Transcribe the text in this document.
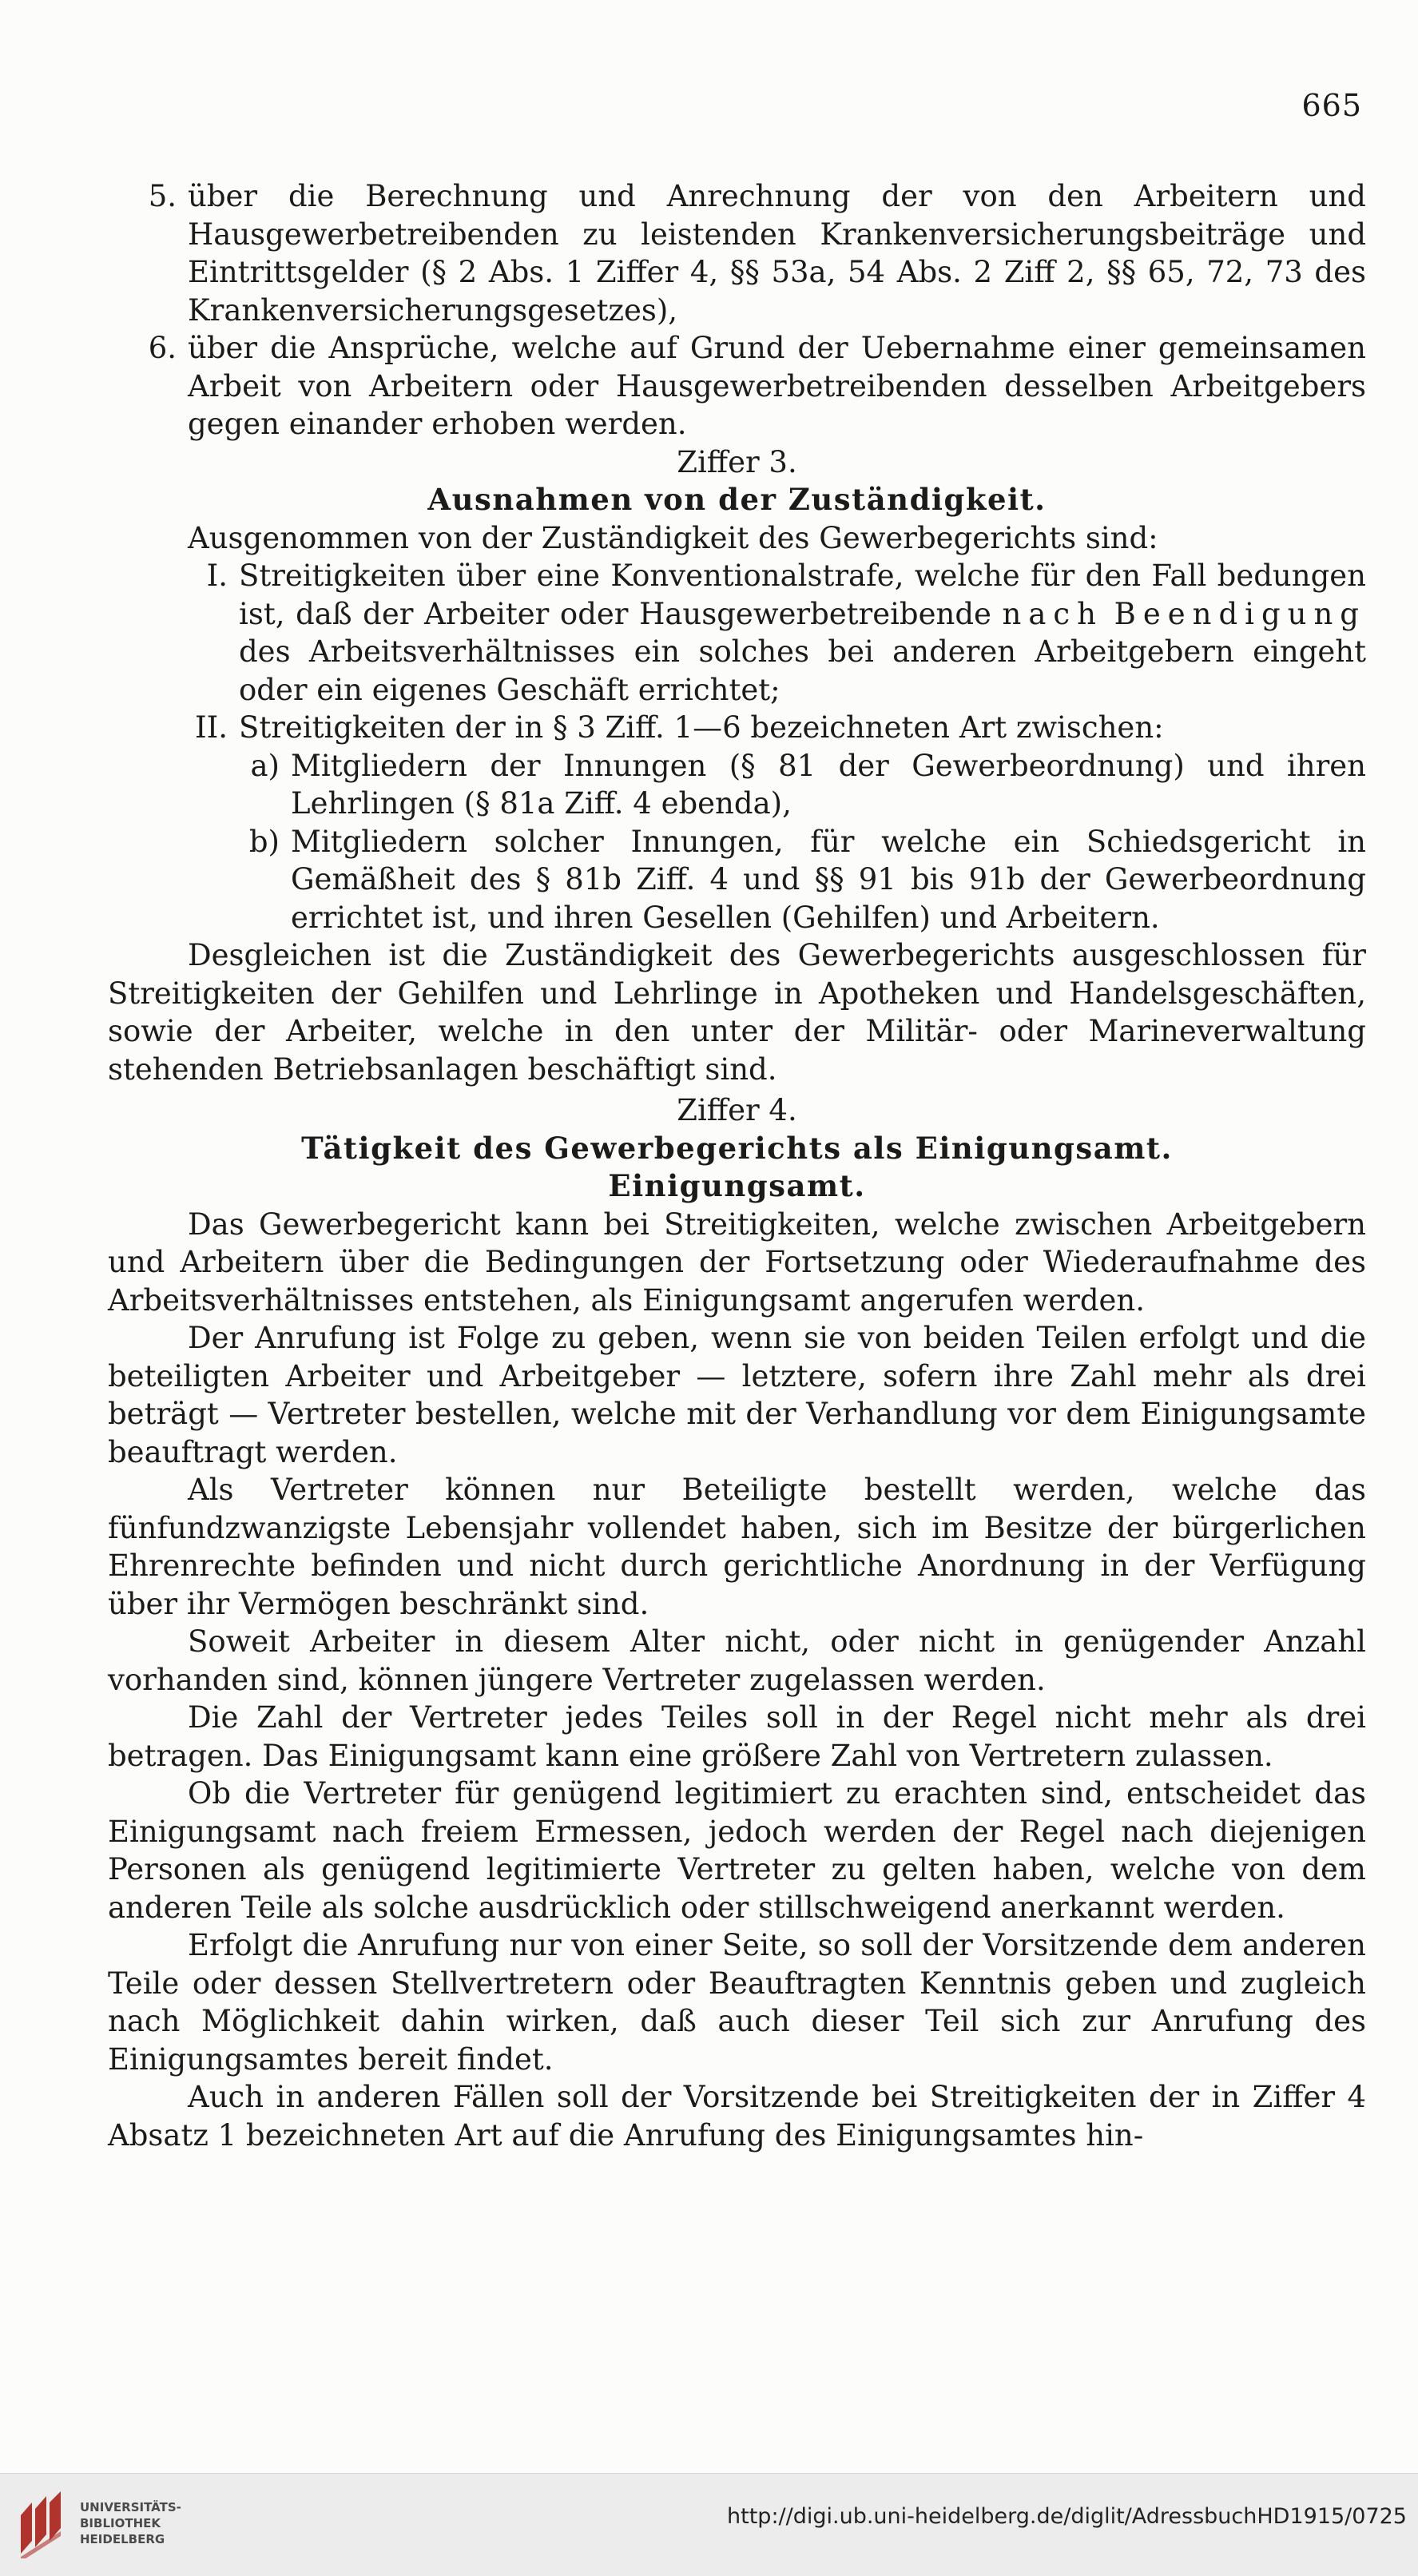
665
5. über die Berechnung und Anrechnung der von den Arbeitern und Hausgewerbetreibenden zu leistenden Krankenversicherungsbeiträge und Eintrittsgelder (§ 2 Abs. 1 Ziffer 4, §§ 53a, 54 Abs. 2 Ziff 2, §§ 65, 72, 73 des Krankenversicherungsgesetzes),
6. über die Ansprüche, welche auf Grund der Uebernahme einer gemeinsamen Arbeit von Arbeitern oder Hausgewerbetreibenden desselben Arbeitgebers gegen einander erhoben werden.

Ziffer 3.

Ausnahmen von der Zuständigkeit.

Ausgenommen von der Zuständigkeit des Gewerbegerichts sind:

I. Streitigkeiten über eine Konventionalstrafe, welche für den Fall bedungen ist, daß der Arbeiter oder Hausgewerbetreibende nach Beendigung des Arbeitsverhältnisses ein solches bei anderen Arbeitgebern eingeht oder ein eigenes Geschäft errichtet;
II. Streitigkeiten der in § 3 Ziff. 1—6 bezeichneten Art zwischen:
a) Mitgliedern der Innungen (§ 81 der Gewerbeordnung) und ihren Lehrlingen (§ 81a Ziff. 4 ebenda),
b) Mitgliedern solcher Innungen, für welche ein Schiedsgericht in Gemäßheit des § 81b Ziff. 4 und §§ 91 bis 91b der Gewerbeordnung errichtet ist, und ihren Gesellen (Gehilfen) und Arbeitern.

Desgleichen ist die Zuständigkeit des Gewerbegerichts ausgeschlossen für Streitigkeiten der Gehilfen und Lehrlinge in Apotheken und Handelsgeschäften, sowie der Arbeiter, welche in den unter der Militär- oder Marineverwaltung stehenden Betriebsanlagen beschäftigt sind.

Ziffer 4.

Tätigkeit des Gewerbegerichts als Einigungsamt.

Einigungsamt.

Das Gewerbegericht kann bei Streitigkeiten, welche zwischen Arbeitgebern und Arbeitern über die Bedingungen der Fortsetzung oder Wiederaufnahme des Arbeitsverhältnisses entstehen, als Einigungsamt angerufen werden.

Der Anrufung ist Folge zu geben, wenn sie von beiden Teilen erfolgt und die beteiligten Arbeiter und Arbeitgeber — letztere, sofern ihre Zahl mehr als drei beträgt — Vertreter bestellen, welche mit der Verhandlung vor dem Einigungsamte beauftragt werden.

Als Vertreter können nur Beteiligte bestellt werden, welche das fünfundzwanzigste Lebensjahr vollendet haben, sich im Besitze der bürgerlichen Ehrenrechte befinden und nicht durch gerichtliche Anordnung in der Verfügung über ihr Vermögen beschränkt sind.

Soweit Arbeiter in diesem Alter nicht, oder nicht in genügender Anzahl vorhanden sind, können jüngere Vertreter zugelassen werden.

Die Zahl der Vertreter jedes Teiles soll in der Regel nicht mehr als drei betragen. Das Einigungsamt kann eine größere Zahl von Vertretern zulassen.

Ob die Vertreter für genügend legitimiert zu erachten sind, entscheidet das Einigungsamt nach freiem Ermessen, jedoch werden der Regel nach diejenigen Personen als genügend legitimierte Vertreter zu gelten haben, welche von dem anderen Teile als solche ausdrücklich oder stillschweigend anerkannt werden.

Erfolgt die Anrufung nur von einer Seite, so soll der Vorsitzende dem anderen Teile oder dessen Stellvertretern oder Beauftragten Kenntnis geben und zugleich nach Möglichkeit dahin wirken, daß auch dieser Teil sich zur Anrufung des Einigungsamtes bereit findet.

Auch in anderen Fällen soll der Vorsitzende bei Streitigkeiten der in Ziffer 4 Absatz 1 bezeichneten Art auf die Anrufung des Einigungsamtes hin-

UNIVERSITÄTS-
BIBLIOTHEK
HEIDELBERG
http://digi.ub.uni-heidelberg.de/diglit/AdressbuchHD1915/0725
